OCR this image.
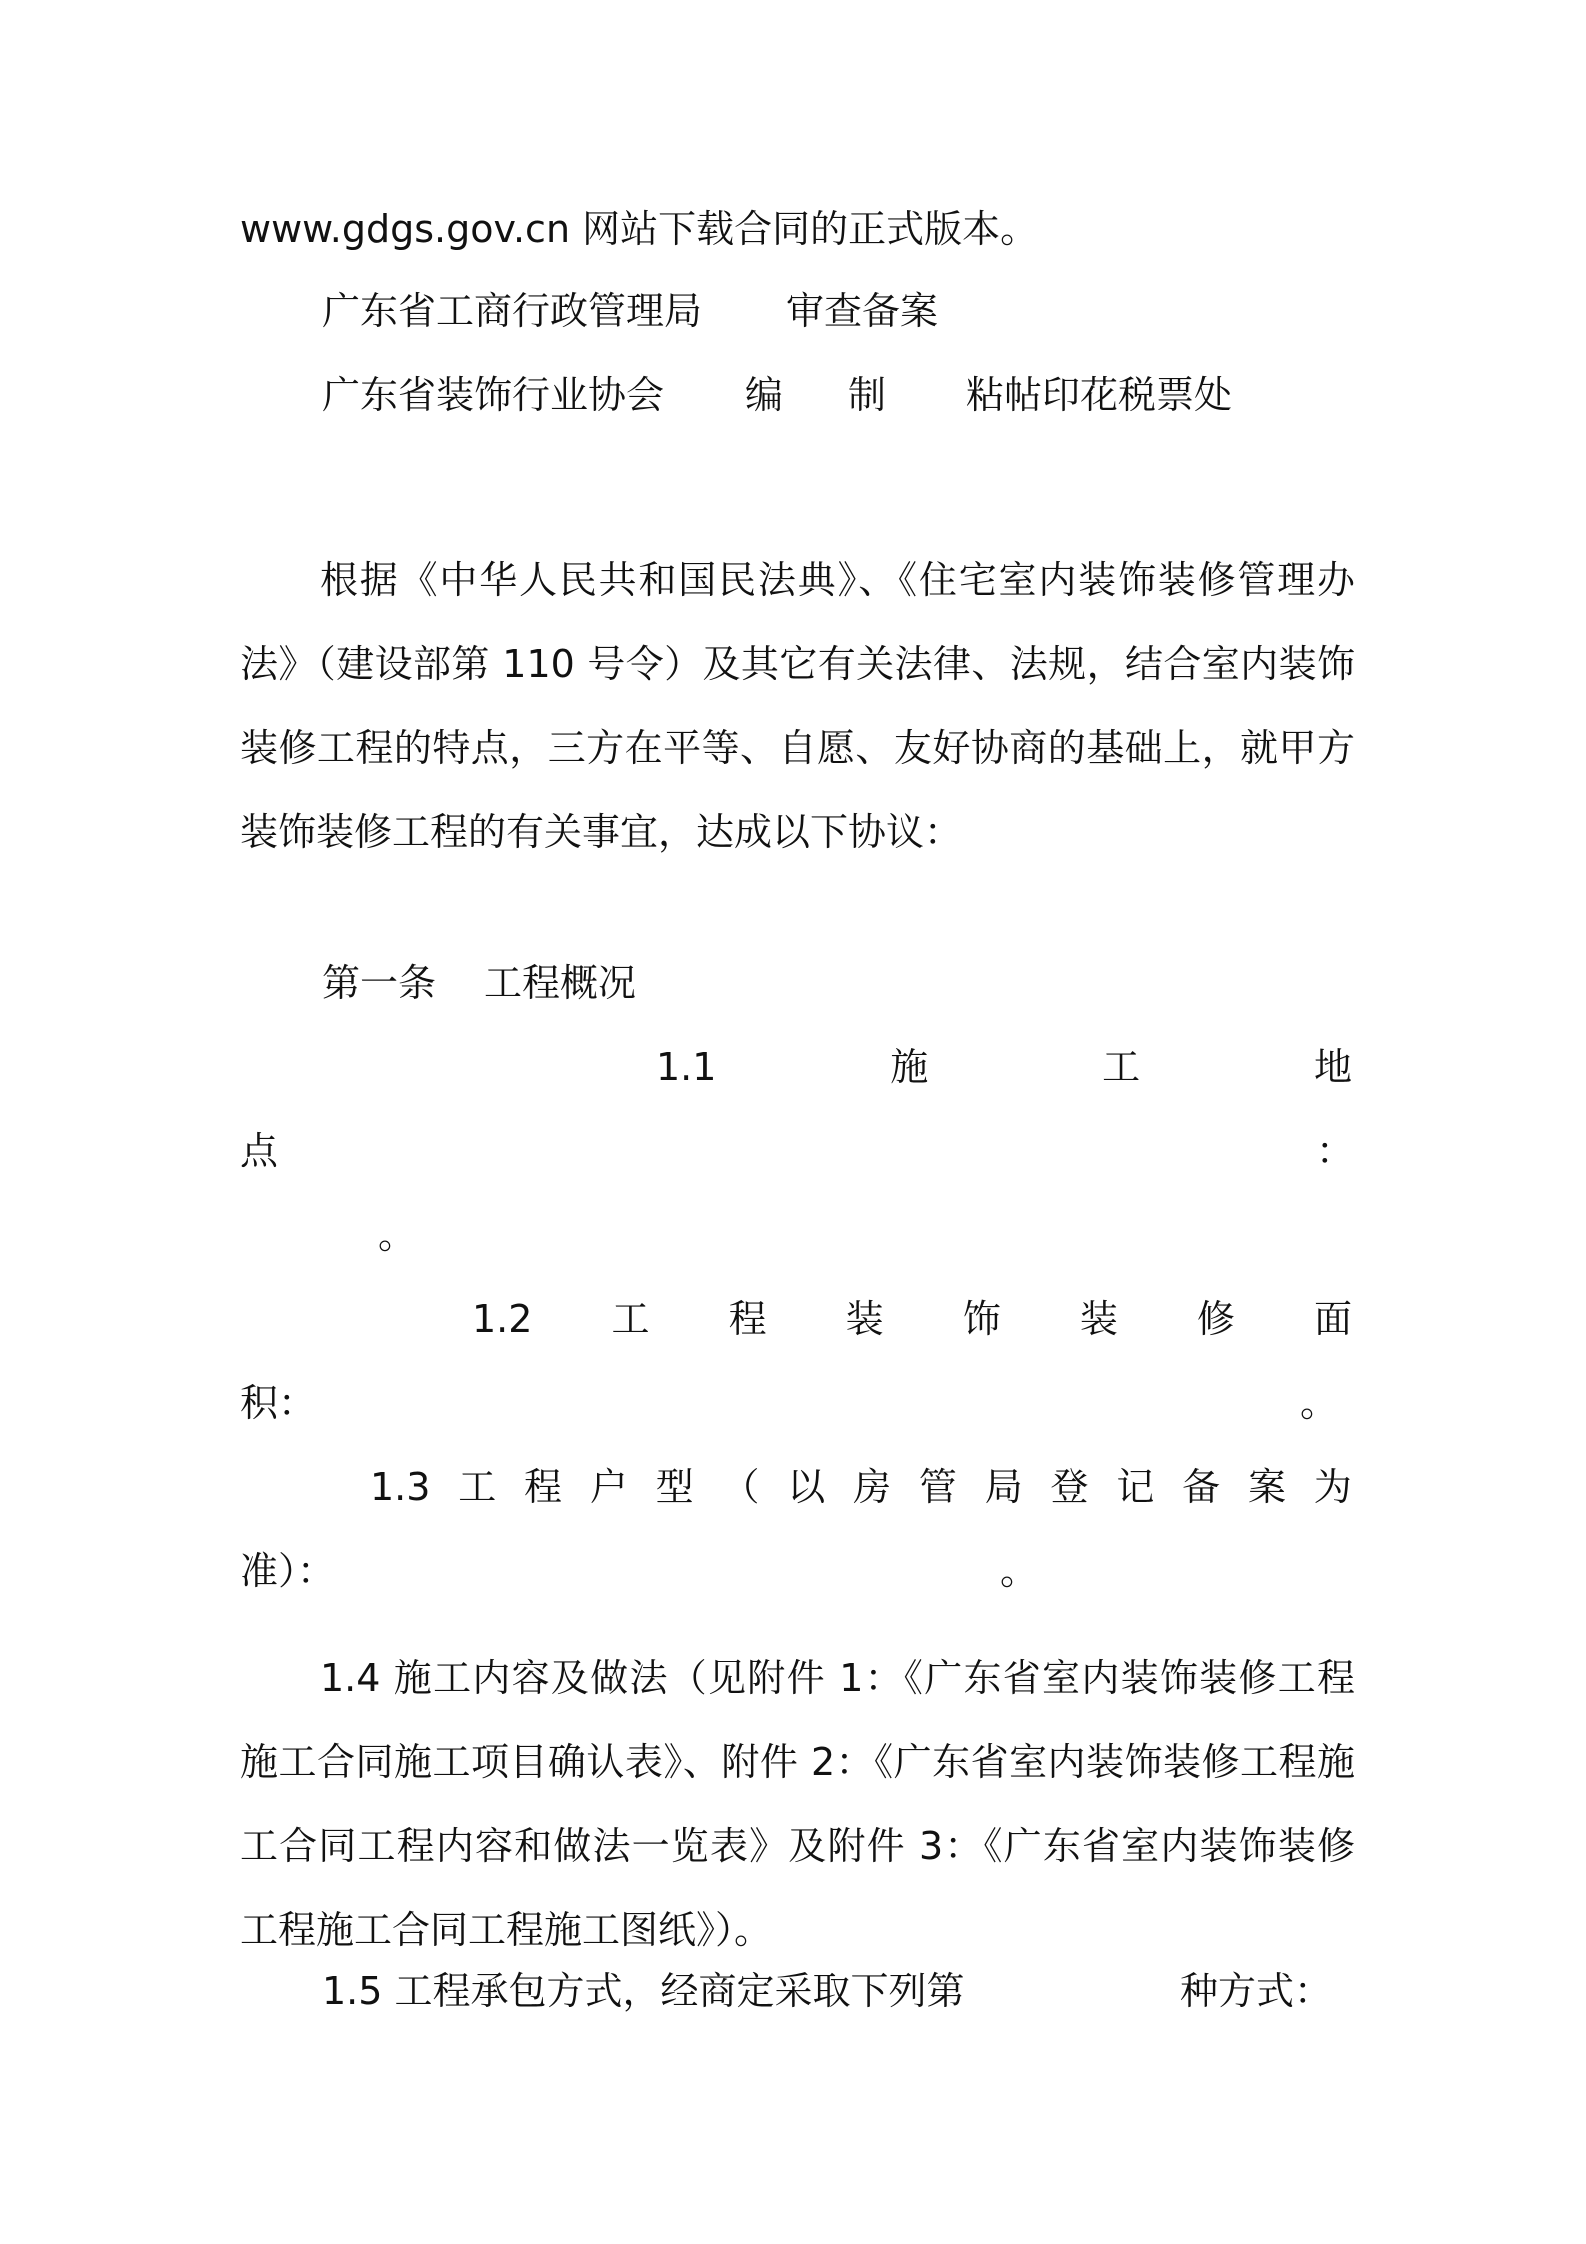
www.gdgs.gov.cn 网站下载合同的正式版本。
广东省工商行政管理局 审查备案
广东省装饰行业协会 编 制 粘帖印花税票处
根据《中华人民共和国民法典》、《住宅室内装饰装修管理办法》（建设部第 110 号令）及其它有关法律、法规，结合室内装饰装修工程的特点，三方在平等、自愿、友好协商的基础上，就甲方装饰装修工程的有关事宜，达成以下协议：
第一条 工程概况
1.1	施	工	地
点	：
。
1.2 工 程 装 饰 装 修 面
积：	。
1.3 工 程 户 型 （ 以 房 管 局 登 记 备 案 为
准）：	。
1.4 施工内容及做法（见附件 1：《广东省室内装饰装修工程施工合同施工项目确认表》、附件 2：《广东省室内装饰装修工程施工合同工程内容和做法一览表》及附件 3：《广东省室内装饰装修工程施工合同工程施工图纸》）。
1.5 工程承包方式，经商定采取下列第	种方式：
